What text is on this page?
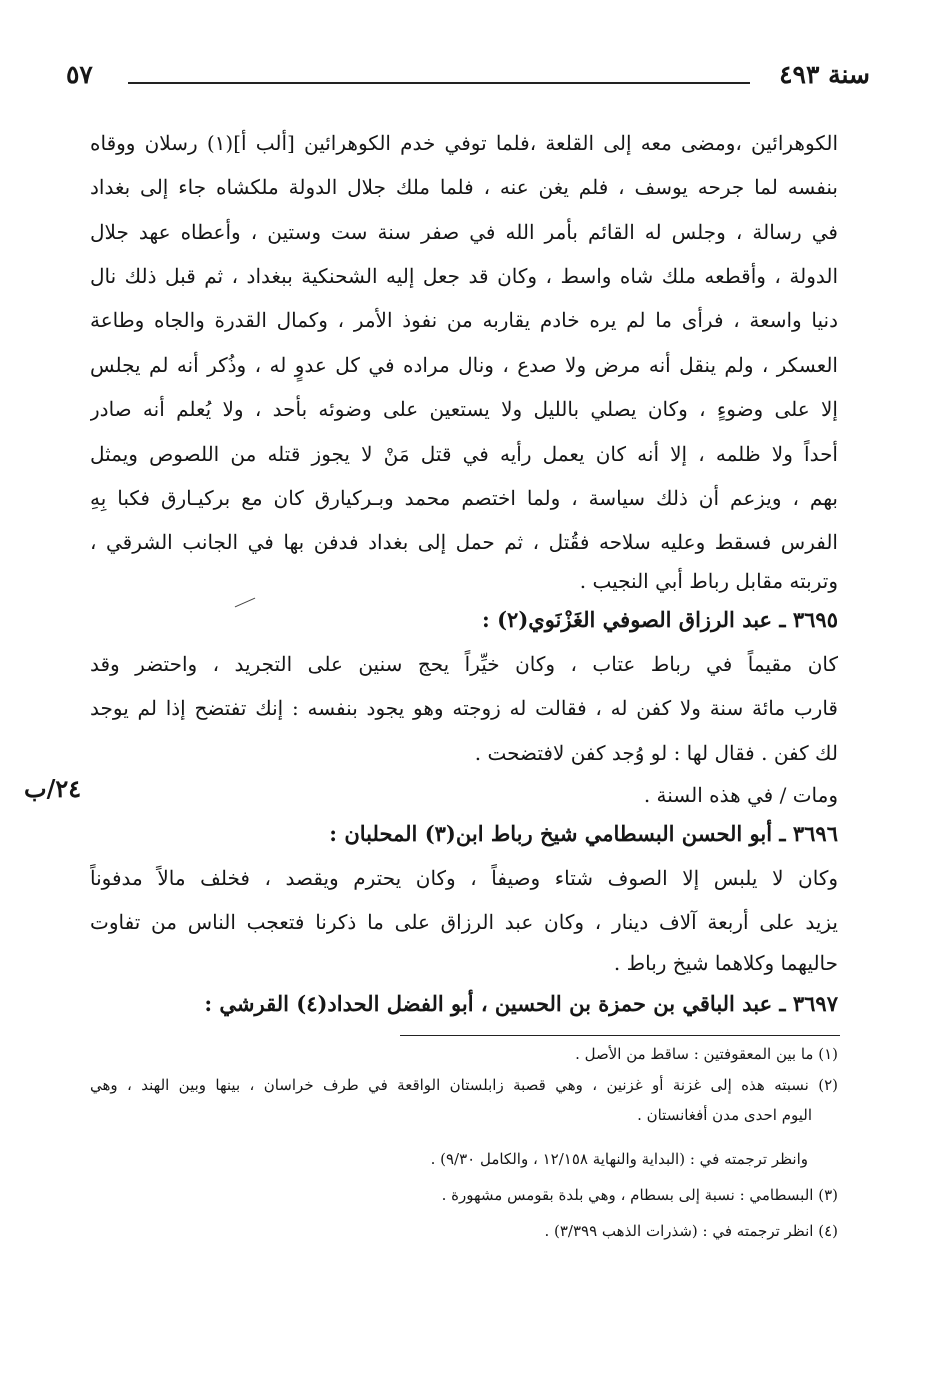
سنة ٤٩٣
٥٧
٢٤/ب
الكوهرائين ،ومضى معه إلى القلعة ،فلما توفي خدم الكوهرائين [ألب أ](١) رسلان ووقاه
بنفسه لما جرحه يوسف ، فلم يغن عنه ، فلما ملك جلال الدولة ملكشاه جاء إلى بغداد
في رسالة ، وجلس له القائم بأمر الله في صفر سنة ست وستين ، وأعطاه عهد جلال
الدولة ، وأقطعه ملك شاه واسط ، وكان قد جعل إليه الشحنكية ببغداد ، ثم قبل ذلك نال
دنيا واسعة ، فرأى ما لم يره خادم يقاربه من نفوذ الأمر ، وكمال القدرة والجاه وطاعة
العسكر ، ولم ينقل أنه مرض ولا صدع ، ونال مراده في كل عدوٍ له ، وذُكر أنه لم يجلس
إلا على وضوءٍ ، وكان يصلي بالليل ولا يستعين على وضوئه بأحد ، ولا يُعلم أنه صادر
أحداً ولا ظلمه ، إلا أنه كان يعمل رأيه في قتل مَنْ لا يجوز قتله من اللصوص ويمثل
بهم ، ويزعم أن ذلك سياسة ، ولما اختصم محمد وبـركيارق كان مع بركيـارق فكبا بِهِ
الفرس فسقط وعليه سلاحه فقُتل ، ثم حمل إلى بغداد فدفن بها في الجانب الشرقي ،
وتربته مقابل رباط أبي النجيب .
٣٦٩٥ ـ عبد الرزاق الصوفي الغَزْنَوي(٢) :
كان مقيماً في رباط عتاب ، وكان خيِّراً يحج سنين على التجريد ، واحتضر وقد
قارب مائة سنة ولا كفن له ، فقالت له زوجته وهو يجود بنفسه : إنك تفتضح إذا لم يوجد
لك كفن . فقال لها : لو وُجد كفن لافتضحت .
ومات / في هذه السنة .
٣٦٩٦ ـ أبو الحسن البسطامي شيخ رباط ابن(٣) المحلبان :
وكان لا يلبس إلا الصوف شتاء وصيفاً ، وكان يحترم ويقصد ، فخلف مالاً مدفوناً
يزيد على أربعة آلاف دينار ، وكان عبد الرزاق على ما ذكرنا فتعجب الناس من تفاوت
حاليهما وكلاهما شيخ رباط .
٣٦٩٧ ـ عبد الباقي بن حمزة بن الحسين ، أبو الفضل الحداد(٤) القرشي :
(١) ما بين المعقوفتين : ساقط من الأصل .
(٢) نسبته هذه إلى غزنة أو غزنين ، وهي قصبة زابلستان الواقعة في طرف خراسان ، بينها وبين الهند ، وهي
اليوم احدى مدن أفغانستان .
وانظر ترجمته في : (البداية والنهاية ١٢/١٥٨ ، والكامل ٩/٣٠) .
(٣) البسطامي : نسبة إلى بسطام ، وهي بلدة بقومس مشهورة .
(٤) انظر ترجمته في : (شذرات الذهب ٣/٣٩٩) .
